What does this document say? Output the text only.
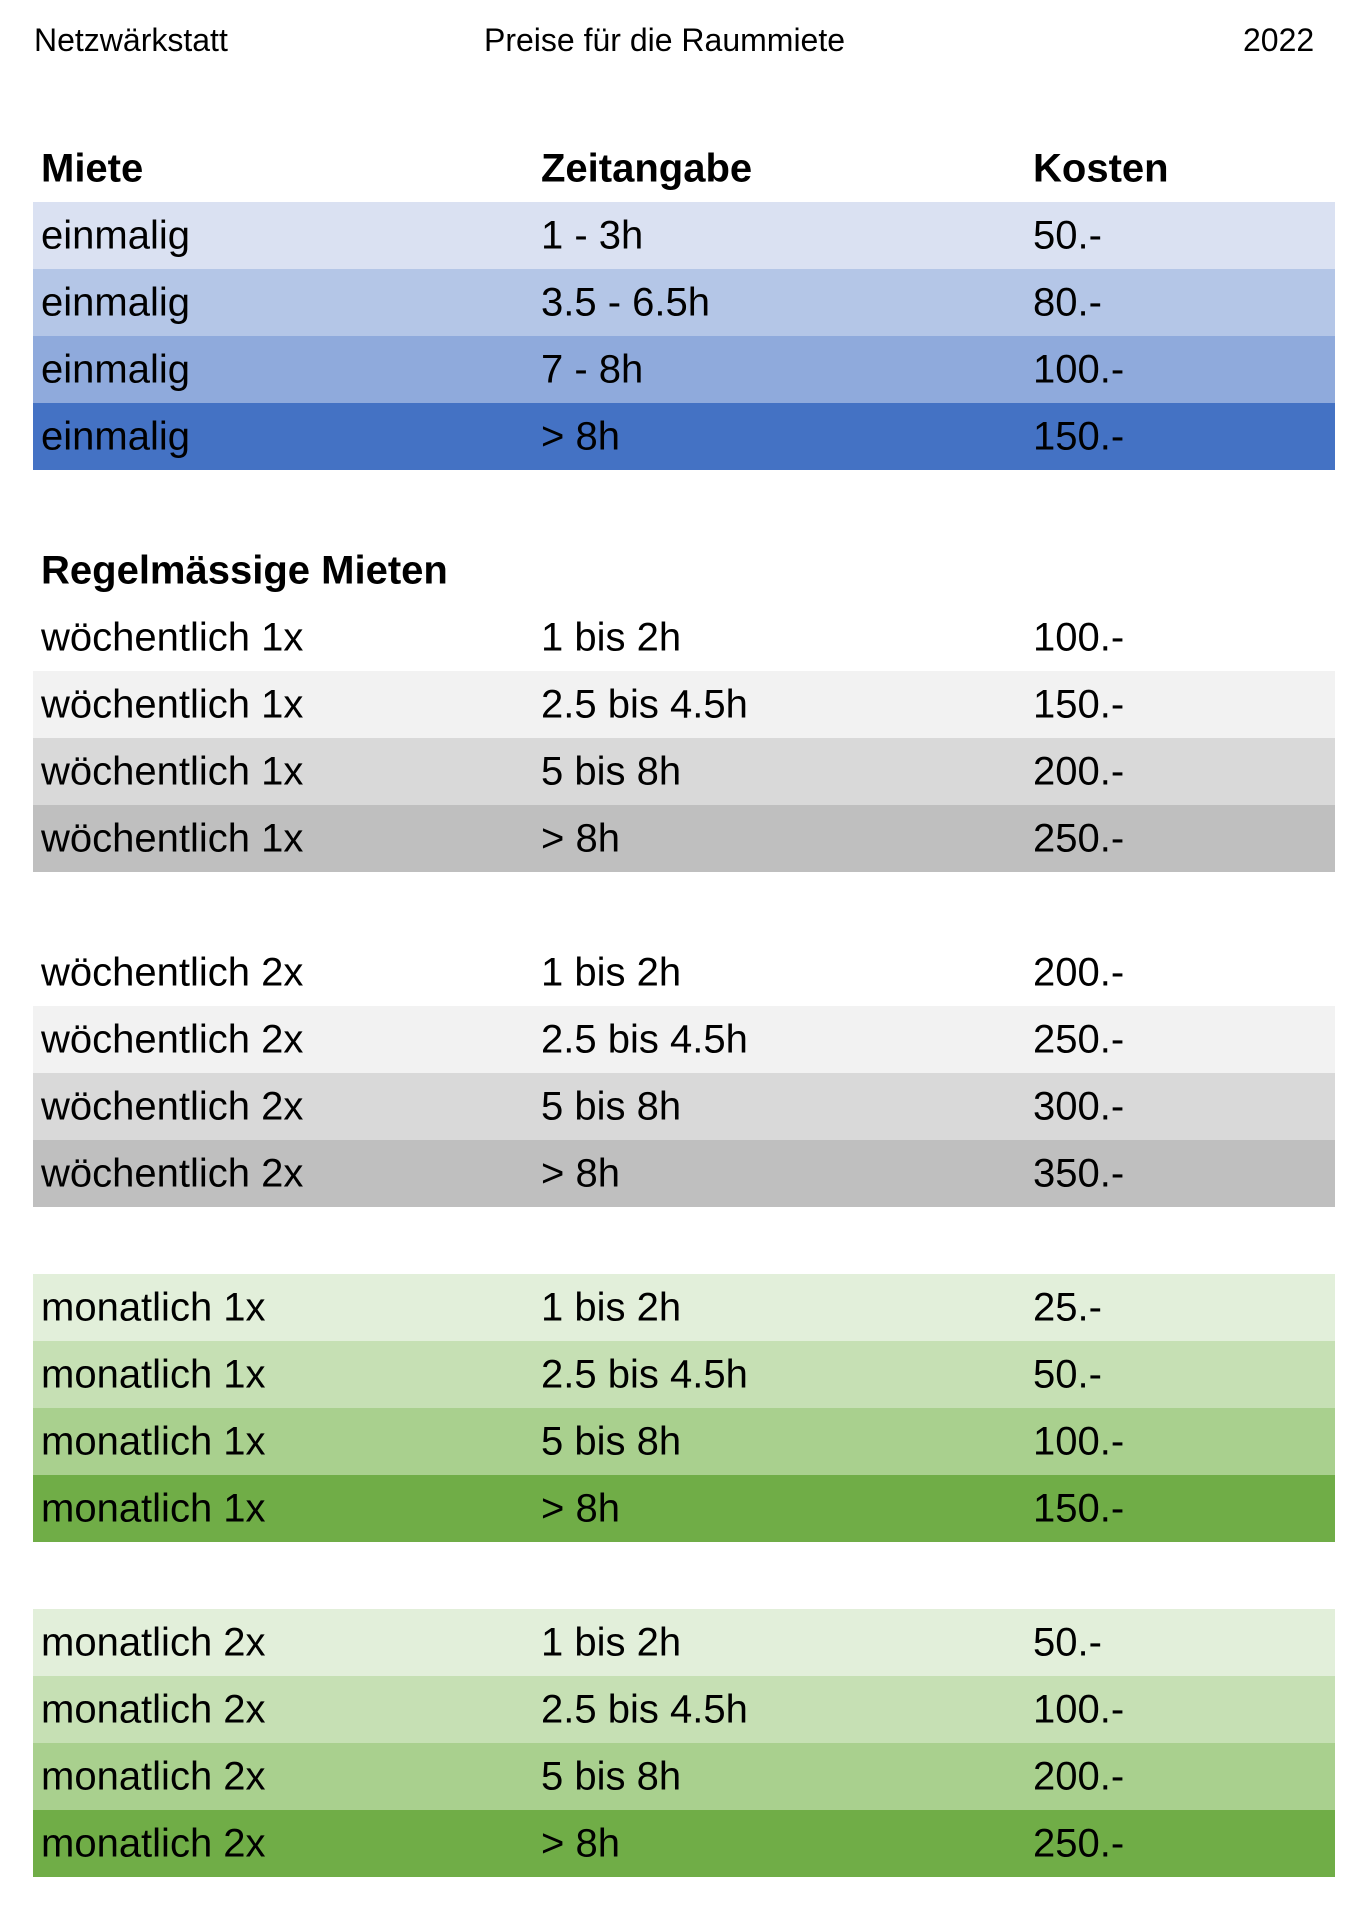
Netzwärkstatt	Preise für die Raummiete	2022
Miete	Zeitangabe	Kosten
einmalig	1 - 3h	50.-
einmalig	3.5 - 6.5h	80.-
einmalig	7 - 8h	100.-
einmalig	> 8h	150.-
Regelmässige Mieten
wöchentlich 1x	1 bis 2h	100.-
wöchentlich 1x	2.5 bis 4.5h	150.-
wöchentlich 1x	5 bis 8h	200.-
wöchentlich 1x	> 8h	250.-
wöchentlich 2x	1 bis 2h	200.-
wöchentlich 2x	2.5 bis 4.5h	250.-
wöchentlich 2x	5 bis 8h	300.-
wöchentlich 2x	> 8h	350.-
monatlich 1x	1 bis 2h	25.-
monatlich 1x	2.5 bis 4.5h	50.-
monatlich 1x	5 bis 8h	100.-
monatlich 1x	> 8h	150.-
monatlich 2x	1 bis 2h	50.-
monatlich 2x	2.5 bis 4.5h	100.-
monatlich 2x	5 bis 8h	200.-
monatlich 2x	> 8h	250.-
